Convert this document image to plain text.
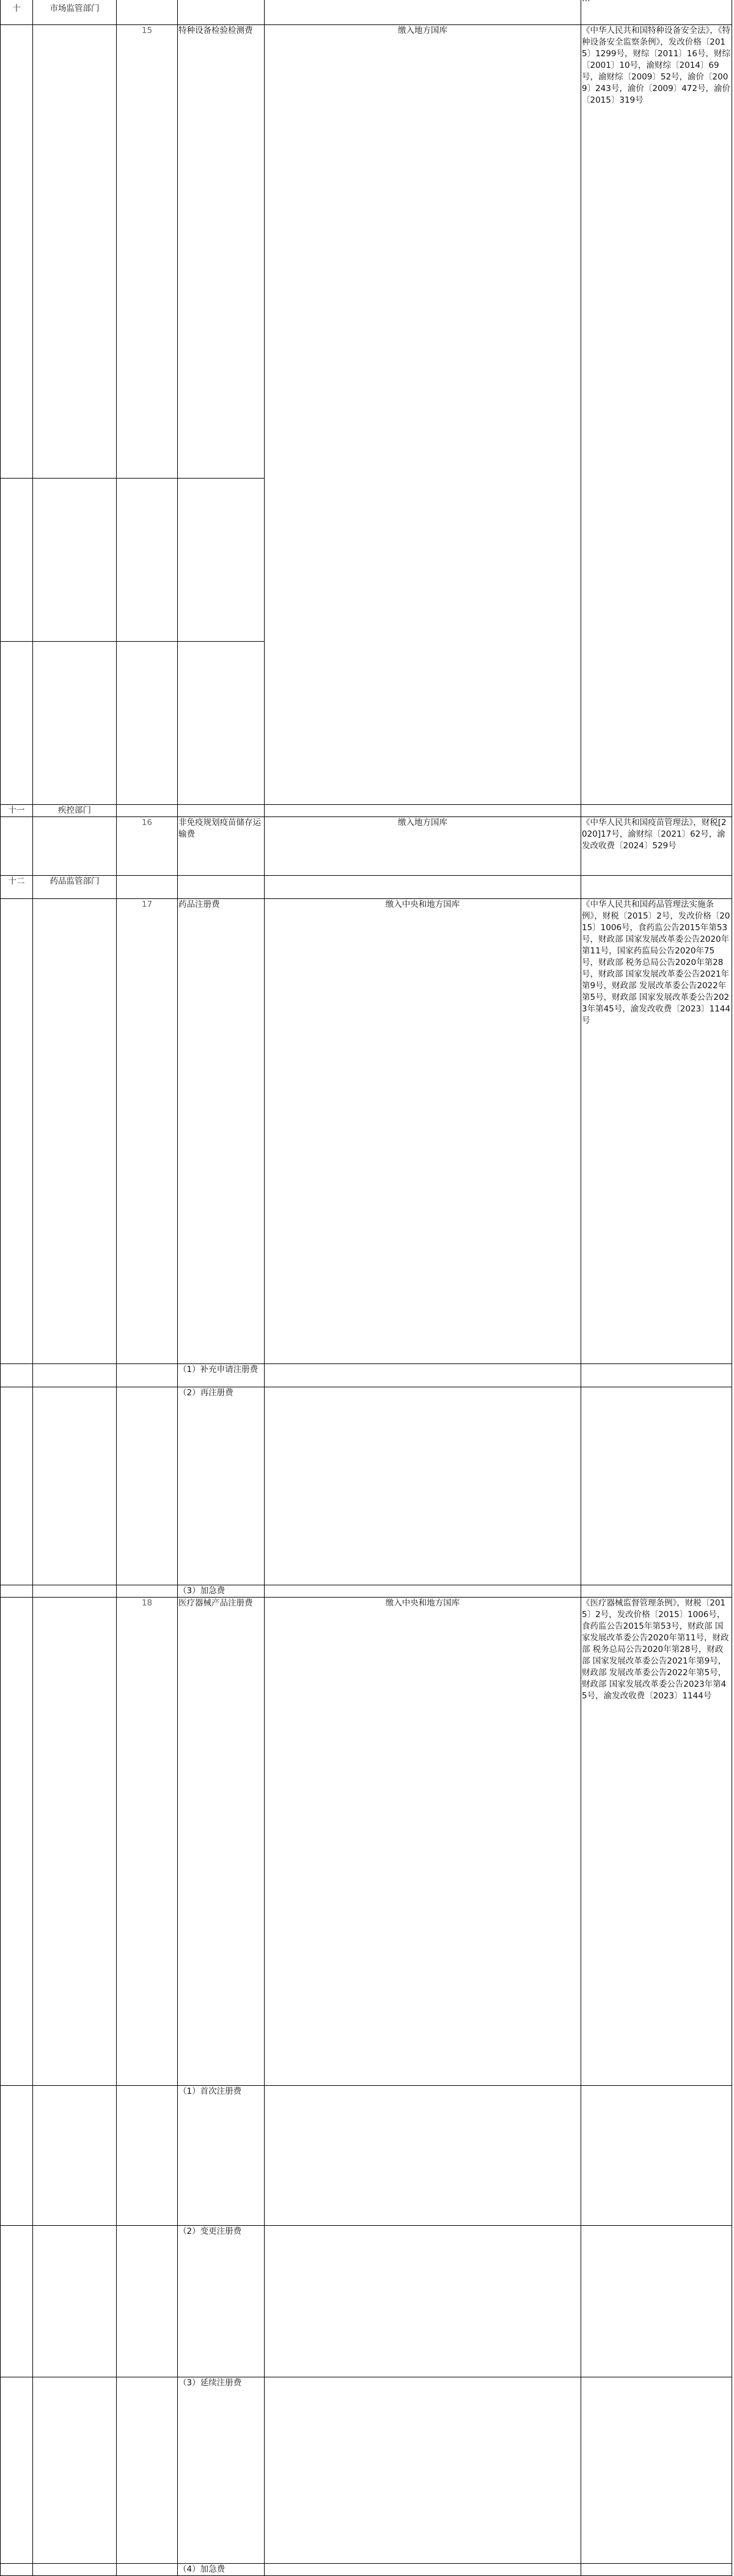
十	市场监管部门				
		15	特种设备检验检测费	缴入地方国库	《中华人民共和国特种设备安全法》，《特种设备安全监察条例》，发改价格〔2015〕1299号，财综〔2011〕16号，财综〔2001〕10号，渝财综〔2014〕69号，渝财综〔2009〕52号，渝价〔2009〕243号，渝价〔2009〕472号，渝价〔2015〕319号	

十一	疾控部门					
		16	非免疫规划疫苗储存运输费	缴入地方国库	《中华人民共和国疫苗管理法》，财税[2020]17号，渝财综〔2021〕62号，渝发改收费〔2024〕529号	
十二	药品监管部门					
		17	药品注册费	缴入中央和地方国库	《中华人民共和国药品管理法实施条例》，财税〔2015〕2号，发改价格〔2015〕1006号，食药监公告2015年第53号，财政部 国家发展改革委公告2020年第11号，国家药监局公告2020年75号，财政部 税务总局公告2020年第28号，财政部 国家发展改革委公告2021年第9号，财政部 发展改革委公告2022年第5号，财政部 国家发展改革委公告2023年第45号，渝发改收费〔2023〕1144号	
			（1）补充申请注册费			
			（2）再注册费			
			（3）加急费			
		18	医疗器械产品注册费	缴入中央和地方国库	《医疗器械监督管理条例》，财税〔2015〕2号，发改价格〔2015〕1006号，食药监公告2015年第53号，财政部 国家发展改革委公告2020年第11号，财政部 税务总局公告2020年第28号，财政部 国家发展改革委公告2021年第9号，财政部 发展改革委公告2022年第5号，财政部 国家发展改革委公告2023年第45号，渝发改收费〔2023〕1144号	
			（1）首次注册费			
			（2）变更注册费			
			（3）延续注册费			
			（4）加急费			
